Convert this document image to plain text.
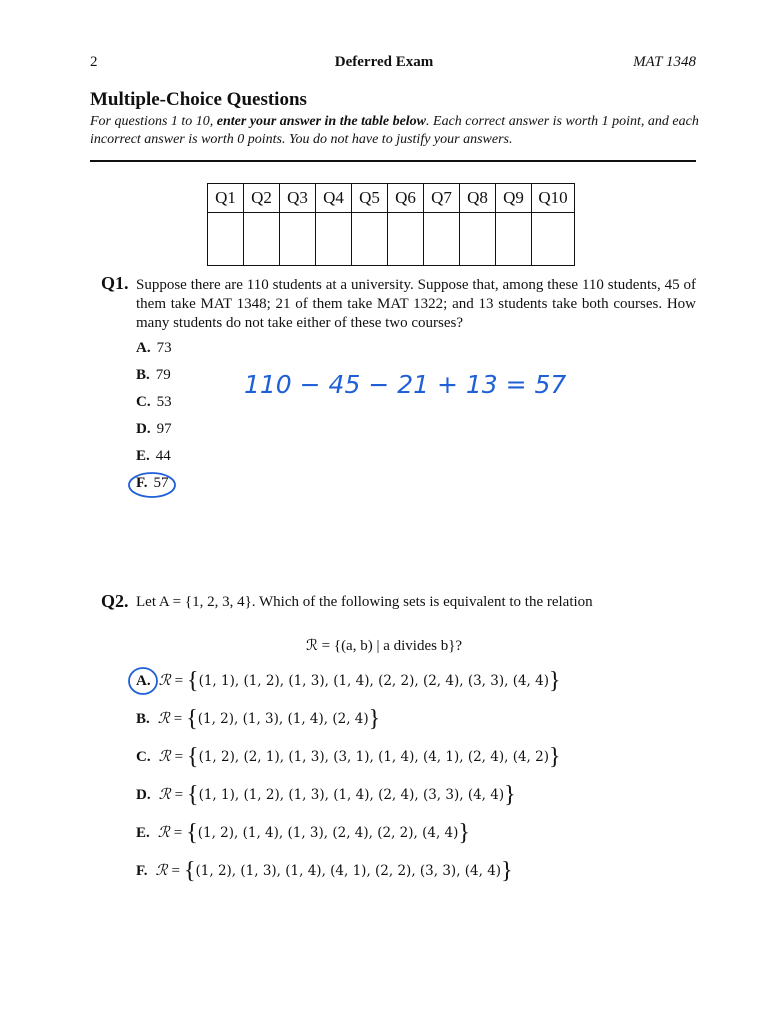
2	Deferred Exam	MAT 1348
Multiple-Choice Questions
For questions 1 to 10, enter your answer in the table below. Each correct answer is worth 1 point, and each incorrect answer is worth 0 points. You do not have to justify your answers.
Q1	Q2	Q3	Q4	Q5	Q6	Q7	Q8	Q9	Q10

Q1. Suppose there are 110 students at a university. Suppose that, among these 110 students, 45 of them take MAT 1348; 21 of them take MAT 1322; and 13 students take both courses. How many students do not take either of these two courses?
A. 73
B. 79
C. 53
D. 97
E. 44
F. 57
Q2. Let A = {1, 2, 3, 4}. Which of the following sets is equivalent to the relation
ℛ = {(a, b) | a divides b}?
A. ℛ = {(1, 1), (1, 2), (1, 3), (1, 4), (2, 2), (2, 4), (3, 3), (4, 4)}
B. ℛ = {(1, 2), (1, 3), (1, 4), (2, 4)}
C. ℛ = {(1, 2), (2, 1), (1, 3), (3, 1), (1, 4), (4, 1), (2, 4), (4, 2)}
D. ℛ = {(1, 1), (1, 2), (1, 3), (1, 4), (2, 4), (3, 3), (4, 4)}
E. ℛ = {(1, 2), (1, 4), (1, 3), (2, 4), (2, 2), (4, 4)}
F. ℛ = {(1, 2), (1, 3), (1, 4), (4, 1), (2, 2), (3, 3), (4, 4)}
110 − 45 − 21 + 13 = 57
